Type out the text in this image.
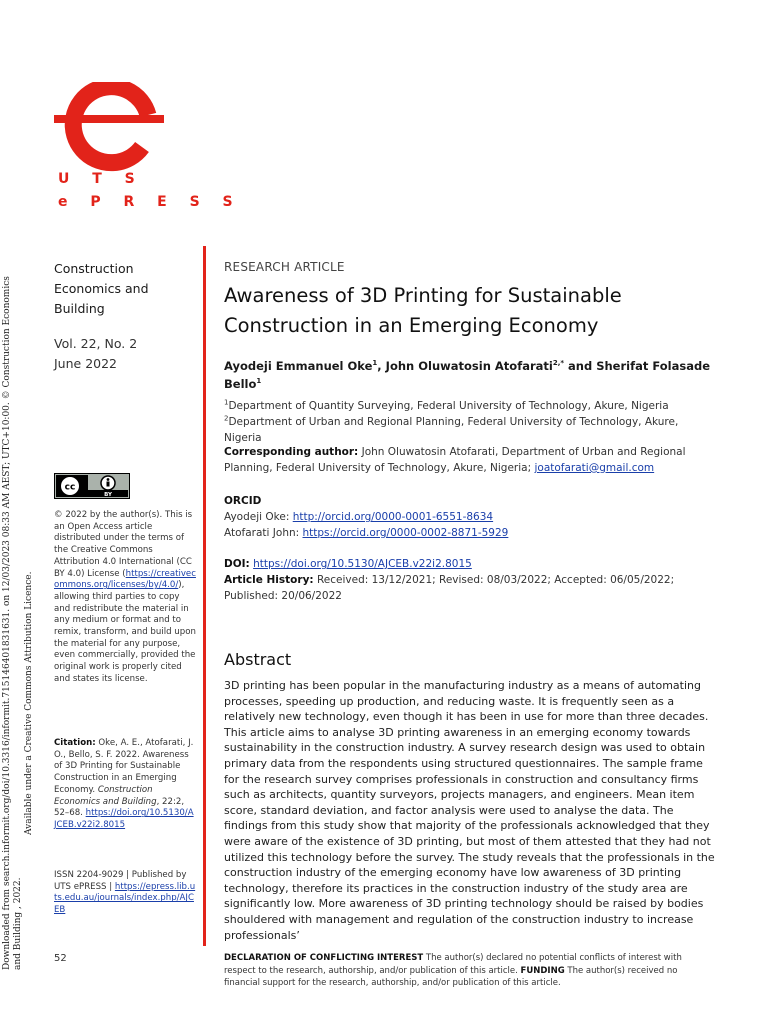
Downloaded from search.informit.org/doi/10.3316/informit.715146401831631. on 12/03/2023 08:33 AM AEST; UTC+10:00. © Construction Economics and Building , 2022.
Available under a Creative Commons Attribution Licence.
U T S
e P R E S S
Construction
Economics and
Building
Vol. 22, No. 2
June 2022
cc
BY
© 2022 by the author(s). This is an Open Access article distributed under the terms of the Creative Commons Attribution 4.0 International (CC BY 4.0) License (https://creativecommons.org/licenses/by/4.0/), allowing third parties to copy and redistribute the material in any medium or format and to remix, transform, and build upon the material for any purpose, even commercially, provided the original work is properly cited and states its license.
Citation: Oke, A. E., Atofarati, J. O., Bello, S. F. 2022. Awareness of 3D Printing for Sustainable Construction in an Emerging Economy. Construction Economics and Building, 22:2, 52–68. https://doi.org/10.5130/AJCEB.v22i2.8015
ISSN 2204-9029 | Published by UTS ePRESS | https://epress.lib.uts.edu.au/journals/index.php/AJCEB
52
RESEARCH ARTICLE
Awareness of 3D Printing for Sustainable
Construction in an Emerging Economy
Ayodeji Emmanuel Oke$^1$, John Oluwatosin Atofarati$^{2,*}$ and Sherifat Folasade Bello$^1$
$^1$Department of Quantity Surveying, Federal University of Technology, Akure, Nigeria
$^2$Department of Urban and Regional Planning, Federal University of Technology, Akure, Nigeria
Corresponding author: John Oluwatosin Atofarati, Department of Urban and Regional Planning, Federal University of Technology, Akure, Nigeria; joatofarati@gmail.com
ORCID
Ayodeji Oke: http://orcid.org/0000-0001-6551-8634
Atofarati John: https://orcid.org/0000-0002-8871-5929
DOI: https://doi.org/10.5130/AJCEB.v22i2.8015
Article History: Received: 13/12/2021; Revised: 08/03/2022; Accepted: 06/05/2022; Published: 20/06/2022
Abstract
3D printing has been popular in the manufacturing industry as a means of automating processes, speeding up production, and reducing waste. It is frequently seen as a relatively new technology, even though it has been in use for more than three decades. This article aims to analyse 3D printing awareness in an emerging economy towards sustainability in the construction industry. A survey research design was used to obtain primary data from the respondents using structured questionnaires. The sample frame for the research survey comprises professionals in construction and consultancy firms such as architects, quantity surveyors, projects managers, and engineers. Mean item score, standard deviation, and factor analysis were used to analyse the data. The findings from this study show that majority of the professionals acknowledged that they were aware of the existence of 3D printing, but most of them attested that they had not utilized this technology before the survey. The study reveals that the professionals in the construction industry of the emerging economy have low awareness of 3D printing technology, therefore its practices in the construction industry of the study area are significantly low. More awareness of 3D printing technology should be raised by bodies shouldered with management and regulation of the construction industry to increase professionals’
DECLARATION OF CONFLICTING INTEREST The author(s) declared no potential conflicts of interest with respect to the research, authorship, and/or publication of this article. FUNDING The author(s) received no financial support for the research, authorship, and/or publication of this article.
